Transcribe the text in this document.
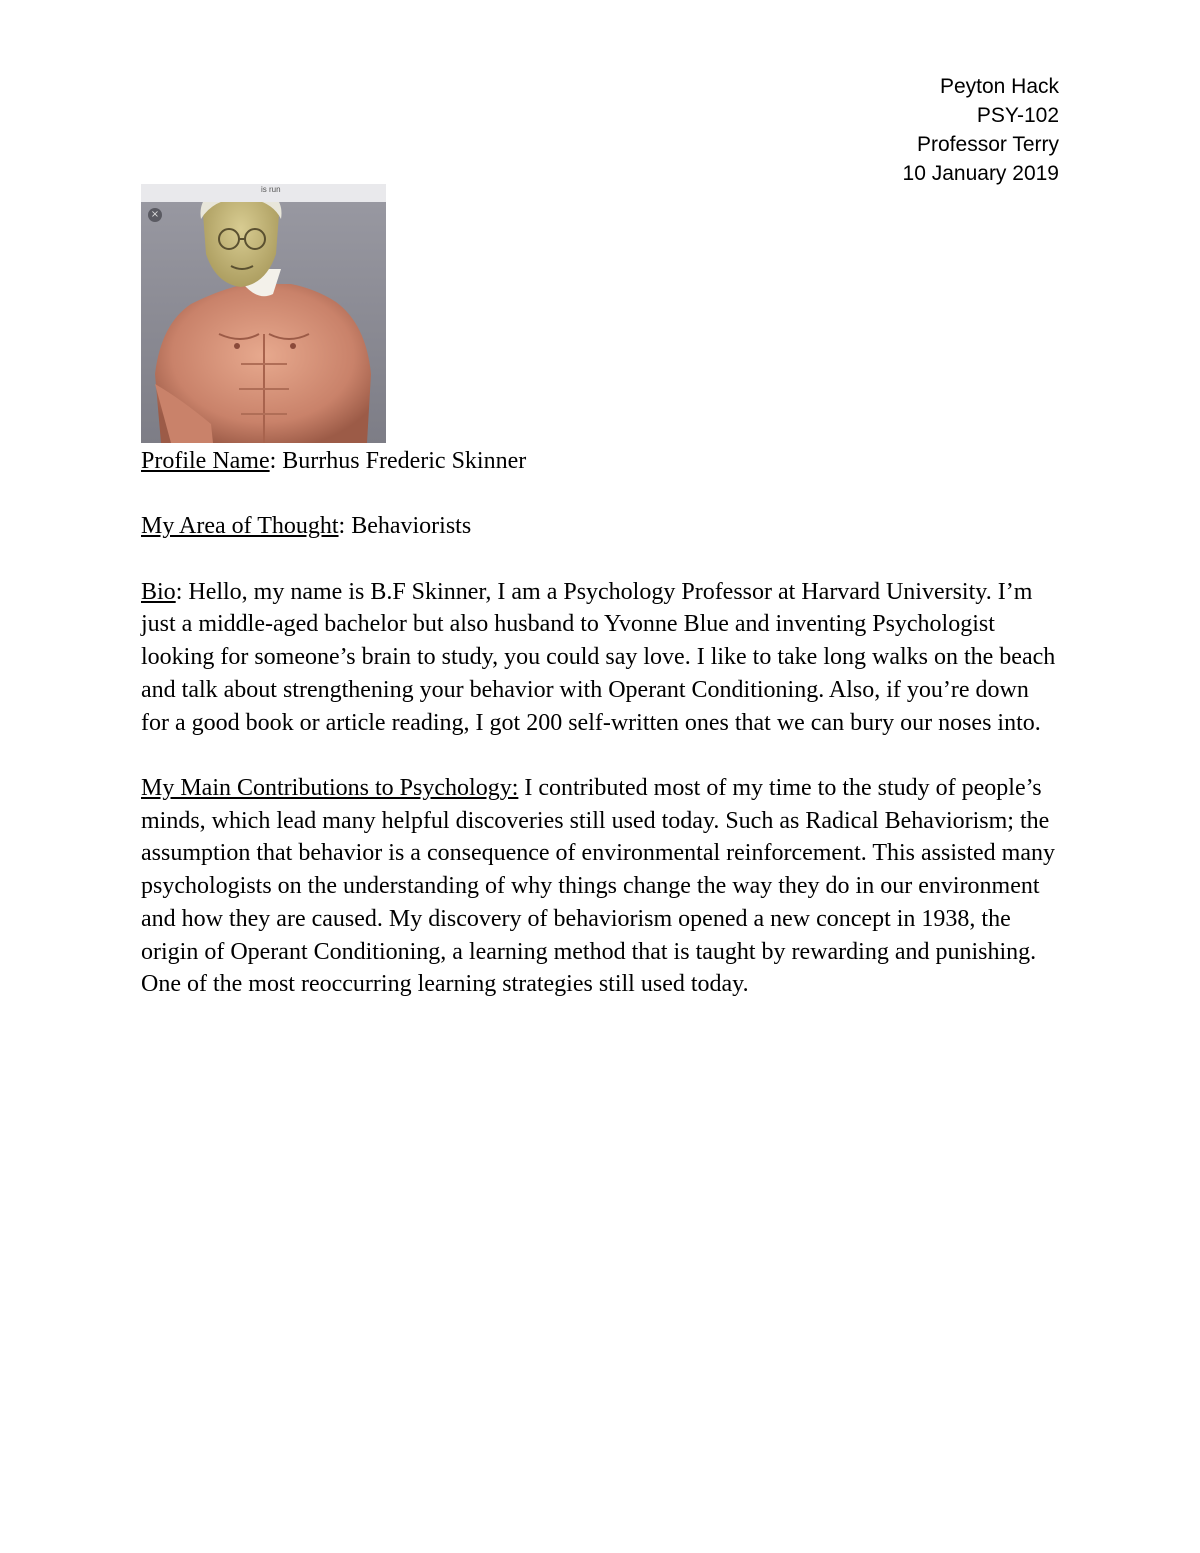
Peyton Hack
PSY-102
Professor Terry
10 January 2019
is run
×

Profile Name: Burrhus Frederic Skinner

My Area of Thought: Behaviorists

Bio: Hello, my name is B.F Skinner, I am a Psychology Professor at Harvard University. I’m just a middle-aged bachelor but also husband to Yvonne Blue and inventing Psychologist looking for someone’s brain to study, you could say love. I like to take long walks on the beach and talk about strengthening your behavior with Operant Conditioning. Also, if you’re down for a good book or article reading, I got 200 self-written ones that we can bury our noses into.

My Main Contributions to Psychology: I contributed most of my time to the study of people’s minds, which lead many helpful discoveries still used today. Such as Radical Behaviorism; the assumption that behavior is a consequence of environmental reinforcement. This assisted many psychologists on the understanding of why things change the way they do in our environment and how they are caused. My discovery of behaviorism opened a new concept in 1938, the origin of Operant Conditioning, a learning method that is taught by rewarding and punishing. One of the most reoccurring learning strategies still used today.
